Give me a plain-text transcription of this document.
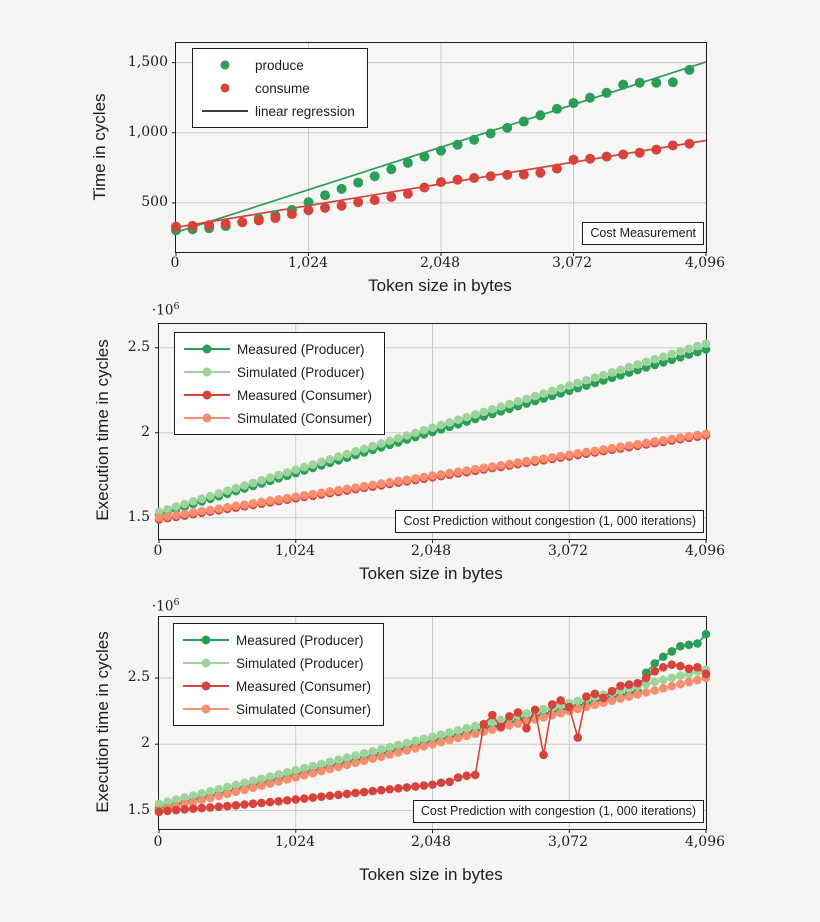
Time in cycles
Token size in bytes
1,500
1,000
500
0	1,024	2,048	3,072	4,096
produce
consume
linear regression
Cost Measurement
$\cdot 10^6$
Execution time in cycles
Token size in bytes
2.5
2
1.5
0	1,024	2,048	3,072	4,096
Measured (Producer)
Simulated (Producer)
Measured (Consumer)
Simulated (Consumer)
Cost Prediction without congestion (1, 000 iterations)
$\cdot 10^6$
Execution time in cycles
Token size in bytes
2.5
2
1.5
0	1,024	2,048	3,072	4,096
Measured (Producer)
Simulated (Producer)
Measured (Consumer)
Simulated (Consumer)
Cost Prediction with congestion (1, 000 iterations)
